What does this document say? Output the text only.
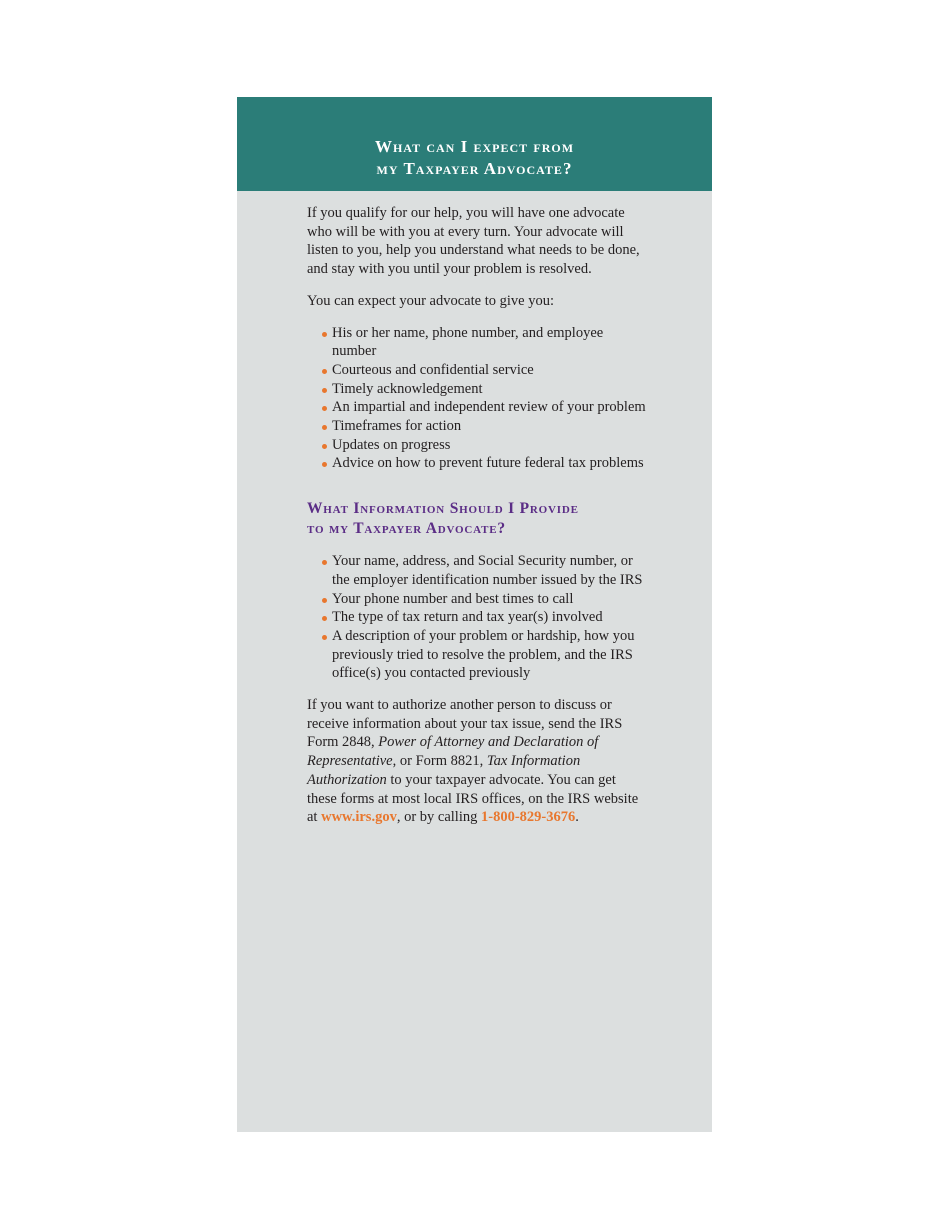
What can I expect from
my Taxpayer Advocate?

If you qualify for our help, you will have one advocate who will be with you at every turn. Your advocate will listen to you, help you understand what needs to be done, and stay with you until your problem is resolved.

You can expect your advocate to give you:

His or her name, phone number, and employee number
Courteous and confidential service
Timely acknowledgement
An impartial and independent review of your problem
Timeframes for action
Updates on progress
Advice on how to prevent future federal tax problems
What Information Should I Provide
to my Taxpayer Advocate?
Your name, address, and Social Security number, or the employer identification number issued by the IRS
Your phone number and best times to call
The type of tax return and tax year(s) involved
A description of your problem or hardship, how you previously tried to resolve the problem, and the IRS office(s) you contacted previously

If you want to authorize another person to discuss or receive information about your tax issue, send the IRS Form 2848, Power of Attorney and Declaration of Representative, or Form 8821, Tax Information Authorization to your taxpayer advocate. You can get these forms at most local IRS offices, on the IRS website at www.irs.gov, or by calling 1-800-829-3676.
